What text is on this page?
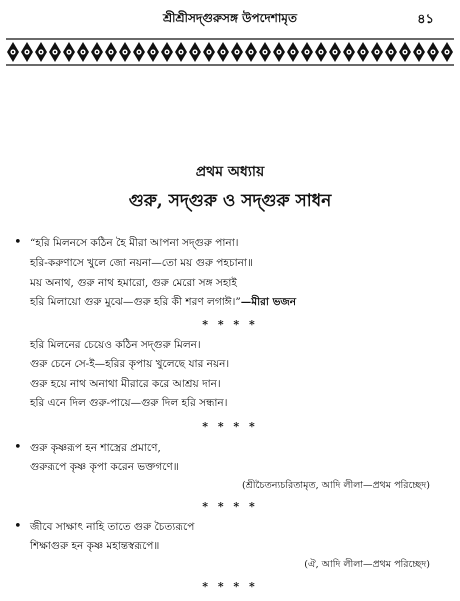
শ্রীশ্রীসদ্গুরুসঙ্গ উপদেশামৃত	৪১
প্রথম অধ্যায়
গুরু, সদ্গুরু ও সদ্গুরু সাধন
• “হরি মিলনসে কঠিন হৈ মীরা আপনা সদ্গুরু পানা।
হরি-করুণাসে খুলে জো নয়না—তো ময় গুরু পহচানা॥
ময় অনাথ, গুরু নাথ হমারো, গুরু মেরো সঙ্গ সহাই
হরি মিলায়ো গুরু মুঝে—গুরু হরি কী শরণ লগাঈ।”—মীরা ভজন
* * * *
হরি মিলনের চেয়েও কঠিন সদ্গুরু মিলন।
গুরু চেনে সে-ই—হরির কৃপায় খুলেছে যার নয়ন।
গুরু হয়ে নাথ অনাথা মীরারে করে আশ্রয় দান।
হরি এনে দিল গুরু-পায়ে—গুরু দিল হরি সন্ধান।
* * * *
• গুরু কৃষ্ণরূপ হন শাস্ত্রের প্রমাণে,
গুরুরূপে কৃষ্ণ কৃপা করেন ভক্তগণে॥
(শ্রীচৈতন্যচরিতামৃত, আদি লীলা—প্রথম পরিচ্ছেদ)
* * * *
• জীবে সাক্ষাৎ নাহি তাতে গুরু চৈত্যরূপে
শিক্ষাগুরু হন কৃষ্ণ মহান্তস্বরূপে॥
(ঐ, আদি লীলা—প্রথম পরিচ্ছেদ)
* * * *
